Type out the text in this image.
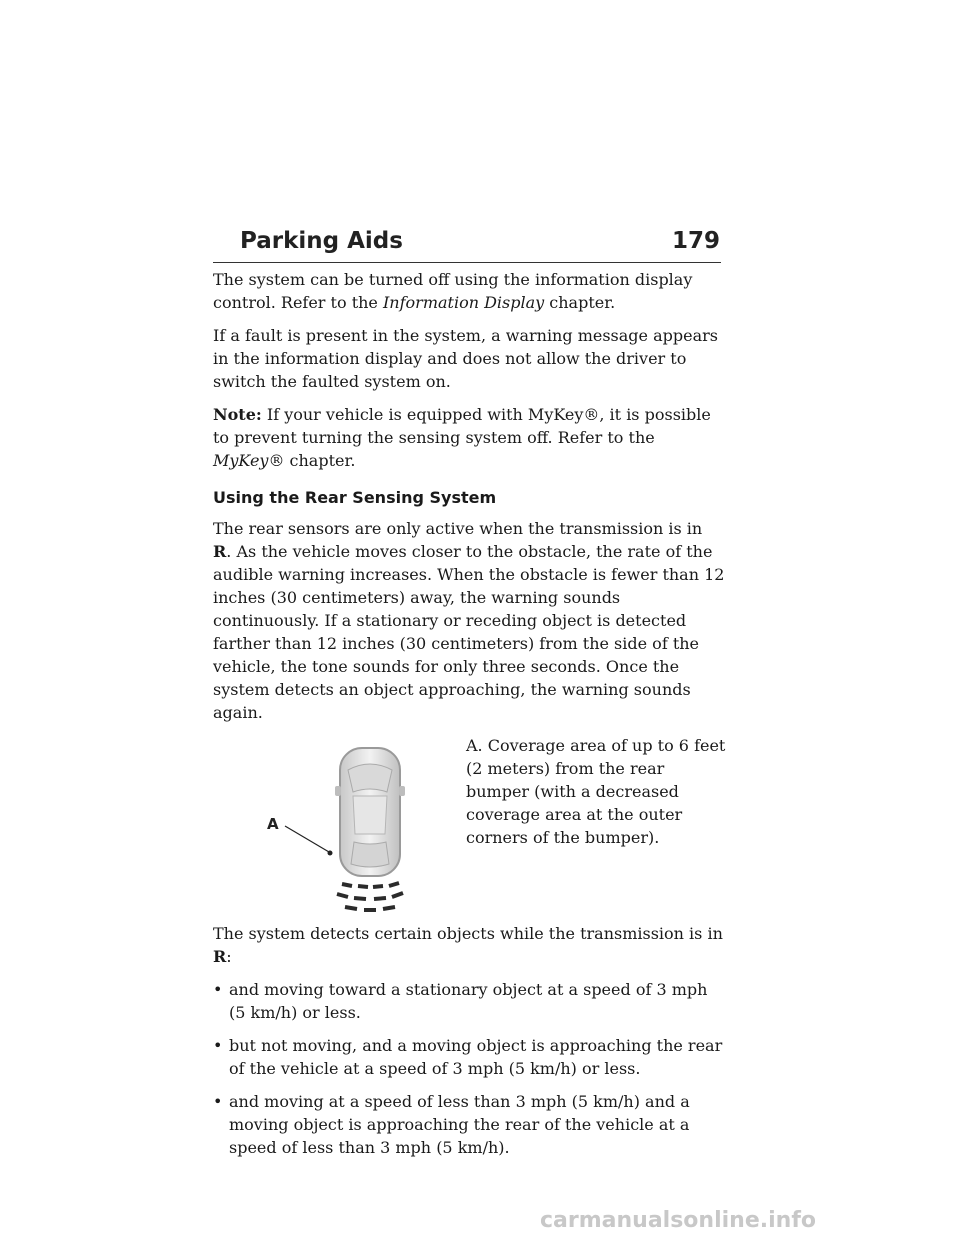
Parking Aids	179

The system can be turned off using the information display control. Refer to the Information Display chapter.

If a fault is present in the system, a warning message appears in the information display and does not allow the driver to switch the faulted system on.

Note: If your vehicle is equipped with MyKey®, it is possible to prevent turning the sensing system off. Refer to the MyKey® chapter.

Using the Rear Sensing System

The rear sensors are only active when the transmission is in R. As the vehicle moves closer to the obstacle, the rate of the audible warning increases. When the obstacle is fewer than 12 inches (30 centimeters) away, the warning sounds continuously. If a stationary or receding object is detected farther than 12 inches (30 centimeters) from the side of the vehicle, the tone sounds for only three seconds. Once the system detects an object approaching, the warning sounds again.

A
A. Coverage area of up to 6 feet (2 meters) from the rear bumper (with a decreased coverage area at the outer corners of the bumper).

The system detects certain objects while the transmission is in R:

• and moving toward a stationary object at a speed of 3 mph (5 km/h) or less.
• but not moving, and a moving object is approaching the rear of the vehicle at a speed of 3 mph (5 km/h) or less.
• and moving at a speed of less than 3 mph (5 km/h) and a moving object is approaching the rear of the vehicle at a speed of less than 3 mph (5 km/h).
carmanualsonline.info
